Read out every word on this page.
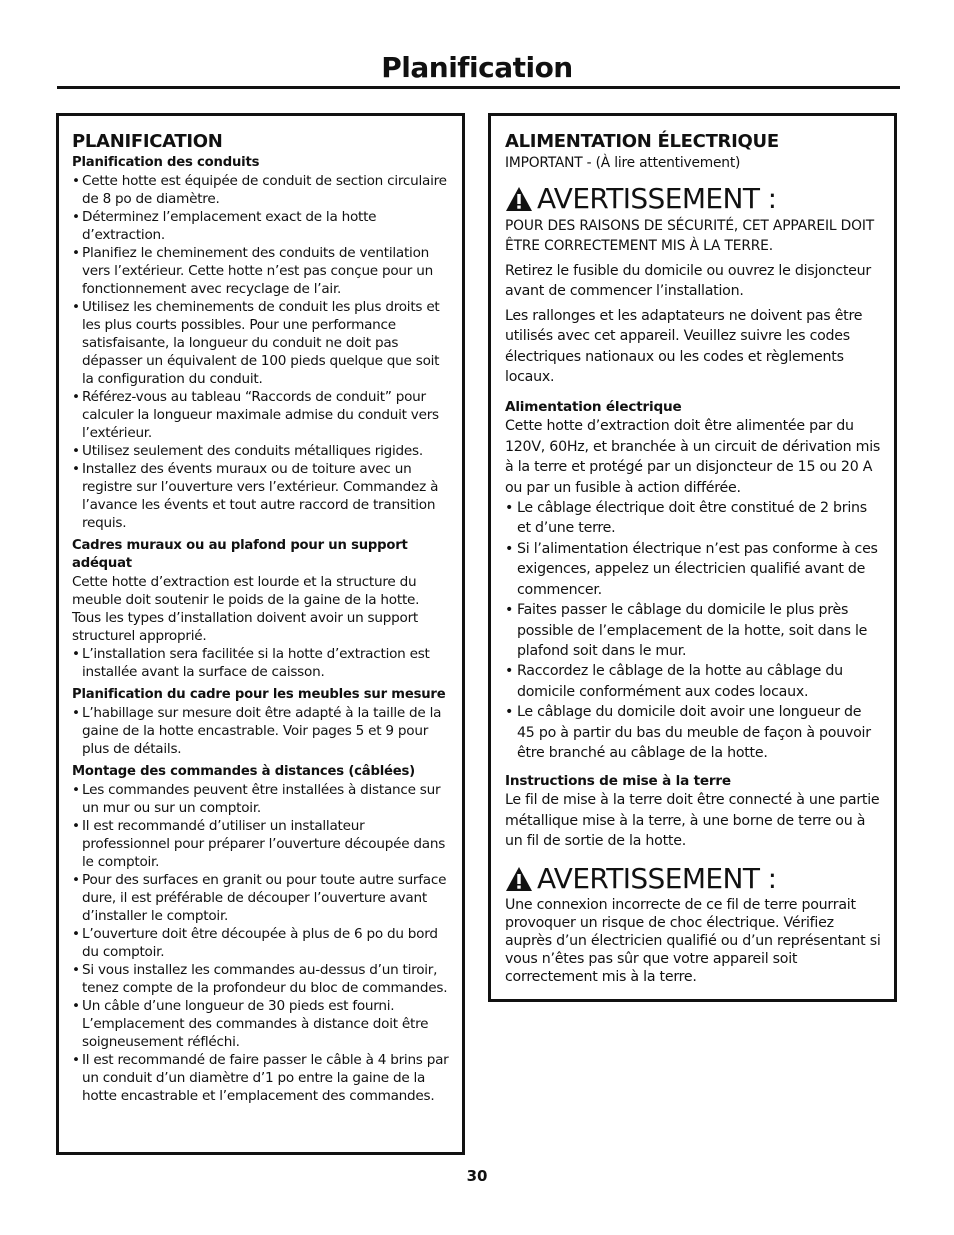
Planification
PLANIFICATION

Planification des conduits

• Cette hotte est équipée de conduit de section circulaire de 8 po de diamètre.
• Déterminez l’emplacement exact de la hotte d’extraction.
• Planifiez le cheminement des conduits de ventilation vers l’extérieur. Cette hotte n’est pas conçue pour un fonctionnement avec recyclage de l’air.
• Utilisez les cheminements de conduit les plus droits et les plus courts possibles. Pour une performance satisfaisante, la longueur du conduit ne doit pas dépasser un équivalent de 100 pieds quelque que soit la configuration du conduit.
• Référez-vous au tableau “Raccords de conduit” pour calculer la longueur maximale admise du conduit vers l’extérieur.
• Utilisez seulement des conduits métalliques rigides.
• Installez des évents muraux ou de toiture avec un registre sur l’ouverture vers l’extérieur. Commandez à l’avance les évents et tout autre raccord de transition requis.

Cadres muraux ou au plafond pour un support adéquat

Cette hotte d’extraction est lourde et la structure du meuble doit soutenir le poids de la gaine de la hotte. Tous les types d’installation doivent avoir un support structurel approprié.

• L’installation sera facilitée si la hotte d’extraction est installée avant la surface de caisson.

Planification du cadre pour les meubles sur mesure

• L’habillage sur mesure doit être adapté à la taille de la gaine de la hotte encastrable. Voir pages 5 et 9 pour plus de détails.

Montage des commandes à distances (câblées)

• Les commandes peuvent être installées à distance sur un mur ou sur un comptoir.
• Il est recommandé d’utiliser un installateur professionnel pour préparer l’ouverture découpée dans le comptoir.
• Pour des surfaces en granit ou pour toute autre surface dure, il est préférable de découper l’ouverture avant d’installer le comptoir.
• L’ouverture doit être découpée à plus de 6 po du bord du comptoir.
• Si vous installez les commandes au-dessus d’un tiroir, tenez compte de la profondeur du bloc de commandes.
• Un câble d’une longueur de 30 pieds est fourni. L’emplacement des commandes à distance doit être soigneusement réfléchi.
• Il est recommandé de faire passer le câble à 4 brins par un conduit d’un diamètre d’1 po entre la gaine de la hotte encastrable et l’emplacement des commandes.
ALIMENTATION ÉLECTRIQUE

IMPORTANT - (À lire attentivement)

AVERTISSEMENT :

POUR DES RAISONS DE SÉCURITÉ, CET APPAREIL DOIT ÊTRE CORRECTEMENT MIS À LA TERRE.

Retirez le fusible du domicile ou ouvrez le disjoncteur avant de commencer l’installation.

Les rallonges et les adaptateurs ne doivent pas être utilisés avec cet appareil. Veuillez suivre les codes électriques nationaux ou les codes et règlements locaux.

Alimentation électrique

Cette hotte d’extraction doit être alimentée par du 120V, 60Hz, et branchée à un circuit de dérivation mis à la terre et protégé par un disjoncteur de 15 ou 20 A ou par un fusible à action différée.

• Le câblage électrique doit être constitué de 2 brins et d’une terre.
• Si l’alimentation électrique n’est pas conforme à ces exigences, appelez un électricien qualifié avant de commencer.
• Faites passer le câblage du domicile le plus près possible de l’emplacement de la hotte, soit dans le plafond soit dans le mur.
• Raccordez le câblage de la hotte au câblage du domicile conformément aux codes locaux.
• Le câblage du domicile doit avoir une longueur de 45 po à partir du bas du meuble de façon à pouvoir être branché au câblage de la hotte.

Instructions de mise à la terre

Le fil de mise à la terre doit être connecté à une partie métallique mise à la terre, à une borne de terre ou à un fil de sortie de la hotte.

AVERTISSEMENT :

Une connexion incorrecte de ce fil de terre pourrait provoquer un risque de choc électrique. Vérifiez auprès d’un électricien qualifié ou d’un représentant si vous n’êtes pas sûr que votre appareil soit correctement mis à la terre.

30
